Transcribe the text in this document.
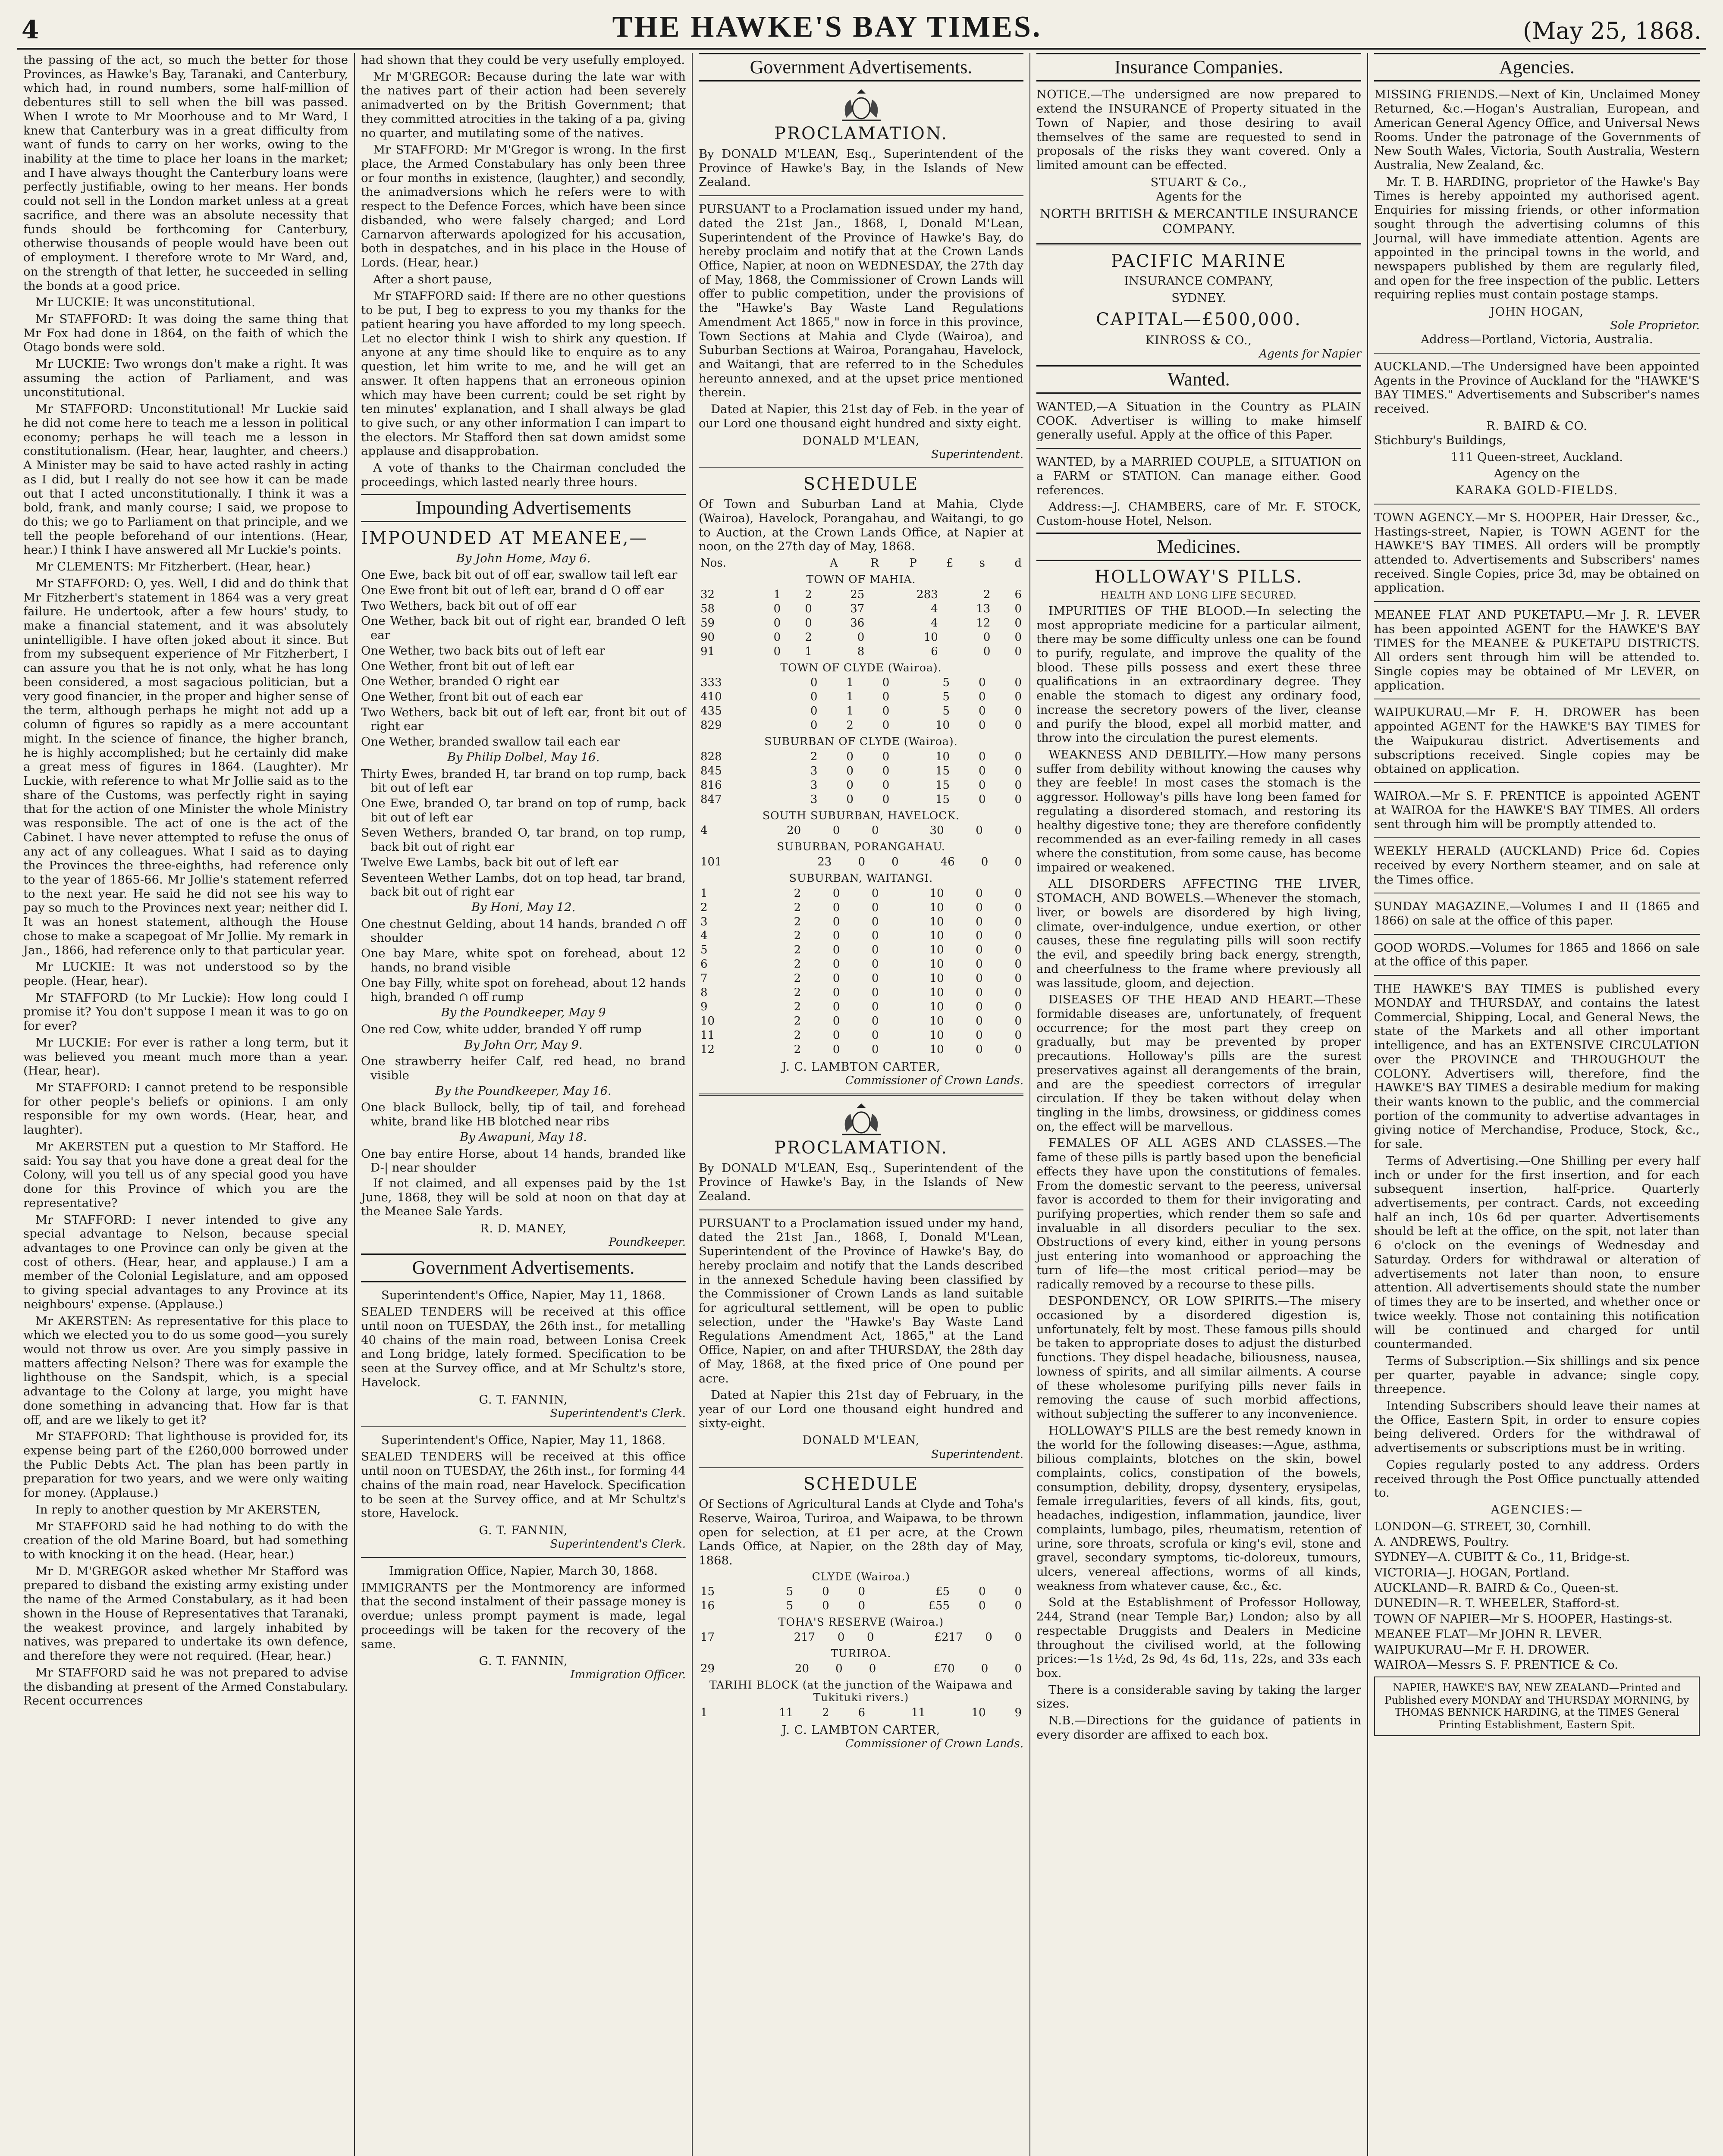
4	THE HAWKE'S BAY TIMES.	(May 25, 1868.

the passing of the act, so much the better for those Provinces, as Hawke's Bay, Taranaki, and Canterbury, which had, in round numbers, some half-million of debentures still to sell when the bill was passed. When I wrote to Mr Moorhouse and to Mr Ward, I knew that Canterbury was in a great difficulty from want of funds to carry on her works, owing to the inability at the time to place her loans in the market; and I have always thought the Canterbury loans were perfectly justifiable, owing to her means. Her bonds could not sell in the London market unless at a great sacrifice, and there was an absolute necessity that funds should be forthcoming for Canterbury, otherwise thousands of people would have been out of employment. I therefore wrote to Mr Ward, and, on the strength of that letter, he succeeded in selling the bonds at a good price.

Mr LUCKIE: It was unconstitutional.

Mr STAFFORD: It was doing the same thing that Mr Fox had done in 1864, on the faith of which the Otago bonds were sold.

Mr LUCKIE: Two wrongs don't make a right. It was assuming the action of Parliament, and was unconstitutional.

Mr STAFFORD: Unconstitutional! Mr Luckie said he did not come here to teach me a lesson in political economy; perhaps he will teach me a lesson in constitutionalism. (Hear, hear, laughter, and cheers.) A Minister may be said to have acted rashly in acting as I did, but I really do not see how it can be made out that I acted unconstitutionally. I think it was a bold, frank, and manly course; I said, we propose to do this; we go to Parliament on that principle, and we tell the people beforehand of our intentions. (Hear, hear.) I think I have answered all Mr Luckie's points.

Mr CLEMENTS: Mr Fitzherbert. (Hear, hear.)

Mr STAFFORD: O, yes. Well, I did and do think that Mr Fitzherbert's statement in 1864 was a very great failure. He undertook, after a few hours' study, to make a financial statement, and it was absolutely unintelligible. I have often joked about it since. But from my subsequent experience of Mr Fitzherbert, I can assure you that he is not only, what he has long been considered, a most sagacious politician, but a very good financier, in the proper and higher sense of the term, although perhaps he might not add up a column of figures so rapidly as a mere accountant might. In the science of finance, the higher branch, he is highly accomplished; but he certainly did make a great mess of figures in 1864. (Laughter). Mr Luckie, with reference to what Mr Jollie said as to the share of the Customs, was perfectly right in saying that for the action of one Minister the whole Ministry was responsible. The act of one is the act of the Cabinet. I have never attempted to refuse the onus of any act of any colleagues. What I said as to daying the Provinces the three-eighths, had reference only to the year of 1865-66. Mr Jollie's statement referred to the next year. He said he did not see his way to pay so much to the Provinces next year; neither did I. It was an honest statement, although the House chose to make a scapegoat of Mr Jollie. My remark in Jan., 1866, had reference only to that particular year.

Mr LUCKIE: It was not understood so by the people. (Hear, hear).

Mr STAFFORD (to Mr Luckie): How long could I promise it? You don't suppose I mean it was to go on for ever?

Mr LUCKIE: For ever is rather a long term, but it was believed you meant much more than a year. (Hear, hear).

Mr STAFFORD: I cannot pretend to be responsible for other people's beliefs or opinions. I am only responsible for my own words. (Hear, hear, and laughter).

Mr AKERSTEN put a question to Mr Stafford. He said: You say that you have done a great deal for the Colony, will you tell us of any special good you have done for this Province of which you are the representative?

Mr STAFFORD: I never intended to give any special advantage to Nelson, because special advantages to one Province can only be given at the cost of others. (Hear, hear, and applause.) I am a member of the Colonial Legislature, and am opposed to giving special advantages to any Province at its neighbours' expense. (Applause.)

Mr AKERSTEN: As representative for this place to which we elected you to do us some good—you surely would not throw us over. Are you simply passive in matters affecting Nelson? There was for example the lighthouse on the Sandspit, which, is a special advantage to the Colony at large, you might have done something in advancing that. How far is that off, and are we likely to get it?

Mr STAFFORD: That lighthouse is provided for, its expense being part of the £260,000 borrowed under the Public Debts Act. The plan has been partly in preparation for two years, and we were only waiting for money. (Applause.)

In reply to another question by Mr AKERSTEN,

Mr STAFFORD said he had nothing to do with the creation of the old Marine Board, but had something to with knocking it on the head. (Hear, hear.)

Mr D. M'GREGOR asked whether Mr Stafford was prepared to disband the existing army existing under the name of the Armed Constabulary, as it had been shown in the House of Representatives that Taranaki, the weakest province, and largely inhabited by natives, was prepared to undertake its own defence, and therefore they were not required. (Hear, hear.)

Mr STAFFORD said he was not prepared to advise the disbanding at present of the Armed Constabulary. Recent occurrences

had shown that they could be very usefully employed.

Mr M'GREGOR: Because during the late war with the natives part of their action had been severely animadverted on by the British Government; that they committed atrocities in the taking of a pa, giving no quarter, and mutilating some of the natives.

Mr STAFFORD: Mr M'Gregor is wrong. In the first place, the Armed Constabulary has only been three or four months in existence, (laughter,) and secondly, the animadversions which he refers were to with respect to the Defence Forces, which have been since disbanded, who were falsely charged; and Lord Carnarvon afterwards apologized for his accusation, both in despatches, and in his place in the House of Lords. (Hear, hear.)

After a short pause,

Mr STAFFORD said: If there are no other questions to be put, I beg to express to you my thanks for the patient hearing you have afforded to my long speech. Let no elector think I wish to shirk any question. If anyone at any time should like to enquire as to any question, let him write to me, and he will get an answer. It often happens that an erroneous opinion which may have been current; could be set right by ten minutes' explanation, and I shall always be glad to give such, or any other information I can impart to the electors. Mr Stafford then sat down amidst some applause and disapprobation.

A vote of thanks to the Chairman concluded the proceedings, which lasted nearly three hours.

Impounding Advertisements

IMPOUNDED AT MEANEE,—

By John Home, May 6.

One Ewe, back bit out of off ear, swallow tail left ear
One Ewe front bit out of left ear, brand d O off ear
Two Wethers, back bit out of off ear
One Wether, back bit out of right ear, branded O left ear
One Wether, two back bits out of left ear
One Wether, front bit out of left ear
One Wether, branded O right ear
One Wether, front bit out of each ear
Two Wethers, back bit out of left ear, front bit out of right ear
One Wether, branded swallow tail each ear

By Philip Dolbel, May 16.

Thirty Ewes, branded H, tar brand on top rump, back bit out of left ear
One Ewe, branded O, tar brand on top of rump, back bit out of left ear
Seven Wethers, branded O, tar brand, on top rump, back bit out of right ear
Twelve Ewe Lambs, back bit out of left ear
Seventeen Wether Lambs, dot on top head, tar brand, back bit out of right ear

By Honi, May 12.

One chestnut Gelding, about 14 hands, branded ∩ off shoulder
One bay Mare, white spot on forehead, about 12 hands, no brand visible
One bay Filly, white spot on forehead, about 12 hands high, branded ∩ off rump

By the Poundkeeper, May 9

One red Cow, white udder, branded Y off rump

By John Orr, May 9.

One strawberry heifer Calf, red head, no brand visible

By the Poundkeeper, May 16.

One black Bullock, belly, tip of tail, and forehead white, brand like HB blotched near ribs

By Awapuni, May 18.

One bay entire Horse, about 14 hands, branded like D-| near shoulder

If not claimed, and all expenses paid by the 1st June, 1868, they will be sold at noon on that day at the Meanee Sale Yards.

R. D. MANEY,
Poundkeeper.
Government Advertisements.

Superintendent's Office, Napier, May 11, 1868.

SEALED TENDERS will be received at this office until noon on TUESDAY, the 26th inst., for metalling 40 chains of the main road, between Lonisa Creek and Long bridge, lately formed. Specification to be seen at the Survey office, and at Mr Schultz's store, Havelock.

G. T. FANNIN,
Superintendent's Clerk.

Superintendent's Office, Napier, May 11, 1868.

SEALED TENDERS will be received at this office until noon on TUESDAY, the 26th inst., for forming 44 chains of the main road, near Havelock. Specification to be seen at the Survey office, and at Mr Schultz's store, Havelock.

G. T. FANNIN,
Superintendent's Clerk.

Immigration Office, Napier, March 30, 1868.

IMMIGRANTS per the Montmorency are informed that the second instalment of their passage money is overdue; unless prompt payment is made, legal proceedings will be taken for the recovery of the same.

G. T. FANNIN,
Immigration Officer.
Government Advertisements.

PROCLAMATION.

By DONALD M'LEAN, Esq., Superintendent of the Province of Hawke's Bay, in the Islands of New Zealand.

PURSUANT to a Proclamation issued under my hand, dated the 21st Jan., 1868, I, Donald M'Lean, Superintendent of the Province of Hawke's Bay, do hereby proclaim and notify that at the Crown Lands Office, Napier, at noon on WEDNESDAY, the 27th day of May, 1868, the Commissioner of Crown Lands will offer to public competition, under the provisions of the "Hawke's Bay Waste Land Regulations Amendment Act 1865," now in force in this province, Town Sections at Mahia and Clyde (Wairoa), and Suburban Sections at Wairoa, Porangahau, Havelock, and Waitangi, that are referred to in the Schedules hereunto annexed, and at the upset price mentioned therein.

Dated at Napier, this 21st day of Feb. in the year of our Lord one thousand eight hundred and sixty eight.

DONALD M'LEAN,
Superintendent.

SCHEDULE

Of Town and Suburban Land at Mahia, Clyde (Wairoa), Havelock, Porangahau, and Waitangi, to go to Auction, at the Crown Lands Office, at Napier at noon, on the 27th day of May, 1868.

Nos.	A	R	P	£	s	d
TOWN OF MAHIA.
32	1	2	25	283	2	6
58	0	0	37	4	13	0
59	0	0	36	4	12	0
90	0	2	0	10	0	0
91	0	1	8	6	0	0
TOWN OF CLYDE (Wairoa).
333	0	1	0	5	0	0
410	0	1	0	5	0	0
435	0	1	0	5	0	0
829	0	2	0	10	0	0
SUBURBAN OF CLYDE (Wairoa).
828	2	0	0	10	0	0
845	3	0	0	15	0	0
816	3	0	0	15	0	0
847	3	0	0	15	0	0
SOUTH SUBURBAN, HAVELOCK.
4	20	0	0	30	0	0
SUBURBAN, PORANGAHAU.
101	23	0	0	46	0	0
SUBURBAN, WAITANGI.
1	2	0	0	10	0	0
2	2	0	0	10	0	0
3	2	0	0	10	0	0
4	2	0	0	10	0	0
5	2	0	0	10	0	0
6	2	0	0	10	0	0
7	2	0	0	10	0	0
8	2	0	0	10	0	0
9	2	0	0	10	0	0
10	2	0	0	10	0	0
11	2	0	0	10	0	0
12	2	0	0	10	0	0
J. C. LAMBTON CARTER,
Commissioner of Crown Lands.

PROCLAMATION.

By DONALD M'LEAN, Esq., Superintendent of the Province of Hawke's Bay, in the Islands of New Zealand.

PURSUANT to a Proclamation issued under my hand, dated the 21st Jan., 1868, I, Donald M'Lean, Superintendent of the Province of Hawke's Bay, do hereby proclaim and notify that the Lands described in the annexed Schedule having been classified by the Commissioner of Crown Lands as land suitable for agricultural settlement, will be open to public selection, under the "Hawke's Bay Waste Land Regulations Amendment Act, 1865," at the Land Office, Napier, on and after THURSDAY, the 28th day of May, 1868, at the fixed price of One pound per acre.

Dated at Napier this 21st day of February, in the year of our Lord one thousand eight hundred and sixty-eight.

DONALD M'LEAN,
Superintendent.

SCHEDULE

Of Sections of Agricultural Lands at Clyde and Toha's Reserve, Wairoa, Turiroa, and Waipawa, to be thrown open for selection, at £1 per acre, at the Crown Lands Office, at Napier, on the 28th day of May, 1868.

CLYDE (Wairoa.)
15	5	0	0	£5	0	0
16	5	0	0	£55	0	0
TOHA'S RESERVE (Wairoa.)
17	217	0	0	£217	0	0
TURIROA.
29	20	0	0	£70	0	0
TARIHI BLOCK (at the junction of the Waipawa and Tukituki rivers.)
1	11	2	6	11	10	9
J. C. LAMBTON CARTER,
Commissioner of Crown Lands.
Insurance Companies.

NOTICE.—The undersigned are now prepared to extend the INSURANCE of Property situated in the Town of Napier, and those desiring to avail themselves of the same are requested to send in proposals of the risks they want covered. Only a limited amount can be effected.

STUART & Co.,

Agents for the

NORTH BRITISH & MERCANTILE INSURANCE COMPANY.

PACIFIC MARINE

INSURANCE COMPANY,

SYDNEY.

CAPITAL—£500,000.

KINROSS & CO.,
Agents for Napier
Wanted.

WANTED,—A Situation in the Country as PLAIN COOK. Advertiser is willing to make himself generally useful. Apply at the office of this Paper.

WANTED, by a MARRIED COUPLE, a SITUATION on a FARM or STATION. Can manage either. Good references.

Address:—J. CHAMBERS, care of Mr. F. STOCK, Custom-house Hotel, Nelson.

Medicines.

HOLLOWAY'S PILLS.

HEALTH AND LONG LIFE SECURED.

IMPURITIES OF THE BLOOD.—In selecting the most appropriate medicine for a particular ailment, there may be some difficulty unless one can be found to purify, regulate, and improve the quality of the blood. These pills possess and exert these three qualifications in an extraordinary degree. They enable the stomach to digest any ordinary food, increase the secretory powers of the liver, cleanse and purify the blood, expel all morbid matter, and throw into the circulation the purest elements.

WEAKNESS AND DEBILITY.—How many persons suffer from debility without knowing the causes why they are feeble! In most cases the stomach is the aggressor. Holloway's pills have long been famed for regulating a disordered stomach, and restoring its healthy digestive tone; they are therefore confidently recommended as an ever-failing remedy in all cases where the constitution, from some cause, has become impaired or weakened.

ALL DISORDERS AFFECTING THE LIVER, STOMACH, AND BOWELS.—Whenever the stomach, liver, or bowels are disordered by high living, climate, over-indulgence, undue exertion, or other causes, these fine regulating pills will soon rectify the evil, and speedily bring back energy, strength, and cheerfulness to the frame where previously all was lassitude, gloom, and dejection.

DISEASES OF THE HEAD AND HEART.—These formidable diseases are, unfortunately, of frequent occurrence; for the most part they creep on gradually, but may be prevented by proper precautions. Holloway's pills are the surest preservatives against all derangements of the brain, and are the speediest correctors of irregular circulation. If they be taken without delay when tingling in the limbs, drowsiness, or giddiness comes on, the effect will be marvellous.

FEMALES OF ALL AGES AND CLASSES.—The fame of these pills is partly based upon the beneficial effects they have upon the constitutions of females. From the domestic servant to the peeress, universal favor is accorded to them for their invigorating and purifying properties, which render them so safe and invaluable in all disorders peculiar to the sex. Obstructions of every kind, either in young persons just entering into womanhood or approaching the turn of life—the most critical period—may be radically removed by a recourse to these pills.

DESPONDENCY, OR LOW SPIRITS.—The misery occasioned by a disordered digestion is, unfortunately, felt by most. These famous pills should be taken to appropriate doses to adjust the disturbed functions. They dispel headache, biliousness, nausea, lowness of spirits, and all similar ailments. A course of these wholesome purifying pills never fails in removing the cause of such morbid affections, without subjecting the sufferer to any inconvenience.

HOLLOWAY'S PILLS are the best remedy known in the world for the following diseases:—Ague, asthma, bilious complaints, blotches on the skin, bowel complaints, colics, constipation of the bowels, consumption, debility, dropsy, dysentery, erysipelas, female irregularities, fevers of all kinds, fits, gout, headaches, indigestion, inflammation, jaundice, liver complaints, lumbago, piles, rheumatism, retention of urine, sore throats, scrofula or king's evil, stone and gravel, secondary symptoms, tic-doloreux, tumours, ulcers, venereal affections, worms of all kinds, weakness from whatever cause, &c., &c.

Sold at the Establishment of Professor Holloway, 244, Strand (near Temple Bar,) London; also by all respectable Druggists and Dealers in Medicine throughout the civilised world, at the following prices:—1s 1½d, 2s 9d, 4s 6d, 11s, 22s, and 33s each box.

There is a considerable saving by taking the larger sizes.

N.B.—Directions for the guidance of patients in every disorder are affixed to each box.

Agencies.

MISSING FRIENDS.—Next of Kin, Unclaimed Money Returned, &c.—Hogan's Australian, European, and American General Agency Office, and Universal News Rooms. Under the patronage of the Governments of New South Wales, Victoria, South Australia, Western Australia, New Zealand, &c.

Mr. T. B. HARDING, proprietor of the Hawke's Bay Times is hereby appointed my authorised agent. Enquiries for missing friends, or other information sought through the advertising columns of this Journal, will have immediate attention. Agents are appointed in the principal towns in the world, and newspapers published by them are regularly filed, and open for the free inspection of the public. Letters requiring replies must contain postage stamps.

JOHN HOGAN,
Sole Proprietor.

Address—Portland, Victoria, Australia.

AUCKLAND.—The Undersigned have been appointed Agents in the Province of Auckland for the "HAWKE'S BAY TIMES." Advertisements and Subscriber's names received.

R. BAIRD & CO.

Stichbury's Buildings,

111 Queen-street, Auckland.

Agency on the

KARAKA GOLD-FIELDS.

TOWN AGENCY.—Mr S. HOOPER, Hair Dresser, &c., Hastings-street, Napier, is TOWN AGENT for the HAWKE'S BAY TIMES. All orders will be promptly attended to. Advertisements and Subscribers' names received. Single Copies, price 3d, may be obtained on application.

MEANEE FLAT AND PUKETAPU.—Mr J. R. LEVER has been appointed AGENT for the HAWKE'S BAY TIMES for the MEANEE & PUKETAPU DISTRICTS. All orders sent through him will be attended to. Single copies may be obtained of Mr LEVER, on application.

WAIPUKURAU.—Mr F. H. DROWER has been appointed AGENT for the HAWKE'S BAY TIMES for the Waipukurau district. Advertisements and subscriptions received. Single copies may be obtained on application.

WAIROA.—Mr S. F. PRENTICE is appointed AGENT at WAIROA for the HAWKE'S BAY TIMES. All orders sent through him will be promptly attended to.

WEEKLY HERALD (AUCKLAND) Price 6d. Copies received by every Northern steamer, and on sale at the Times office.

SUNDAY MAGAZINE.—Volumes I and II (1865 and 1866) on sale at the office of this paper.

GOOD WORDS.—Volumes for 1865 and 1866 on sale at the office of this paper.

THE HAWKE'S BAY TIMES is published every MONDAY and THURSDAY, and contains the latest Commercial, Shipping, Local, and General News, the state of the Markets and all other important intelligence, and has an EXTENSIVE CIRCULATION over the PROVINCE and THROUGHOUT the COLONY. Advertisers will, therefore, find the HAWKE'S BAY TIMES a desirable medium for making their wants known to the public, and the commercial portion of the community to advertise advantages in giving notice of Merchandise, Produce, Stock, &c., for sale.

Terms of Advertising.—One Shilling per every half inch or under for the first insertion, and for each subsequent insertion, half-price. Quarterly advertisements, per contract. Cards, not exceeding half an inch, 10s 6d per quarter. Advertisements should be left at the office, on the spit, not later than 6 o'clock on the evenings of Wednesday and Saturday. Orders for withdrawal or alteration of advertisements not later than noon, to ensure attention. All advertisements should state the number of times they are to be inserted, and whether once or twice weekly. Those not containing this notification will be continued and charged for until countermanded.

Terms of Subscription.—Six shillings and six pence per quarter, payable in advance; single copy, threepence.

Intending Subscribers should leave their names at the Office, Eastern Spit, in order to ensure copies being delivered. Orders for the withdrawal of advertisements or subscriptions must be in writing.

Copies regularly posted to any address. Orders received through the Post Office punctually attended to.

AGENCIES:—

LONDON—G. STREET, 30, Cornhill.
A. ANDREWS, Poultry.
SYDNEY—A. CUBITT & Co., 11, Bridge-st.
VICTORIA—J. HOGAN, Portland.
AUCKLAND—R. BAIRD & Co., Queen-st.
DUNEDIN—R. T. WHEELER, Stafford-st.
TOWN OF NAPIER—Mr S. HOOPER, Hastings-st.
MEANEE FLAT—Mr JOHN R. LEVER.
WAIPUKURAU—Mr F. H. DROWER.
WAIROA—Messrs S. F. PRENTICE & Co.
NAPIER, HAWKE'S BAY, NEW ZEALAND—Printed and Published every MONDAY and THURSDAY MORNING, by THOMAS BENNICK HARDING, at the TIMES General Printing Establishment, Eastern Spit.
